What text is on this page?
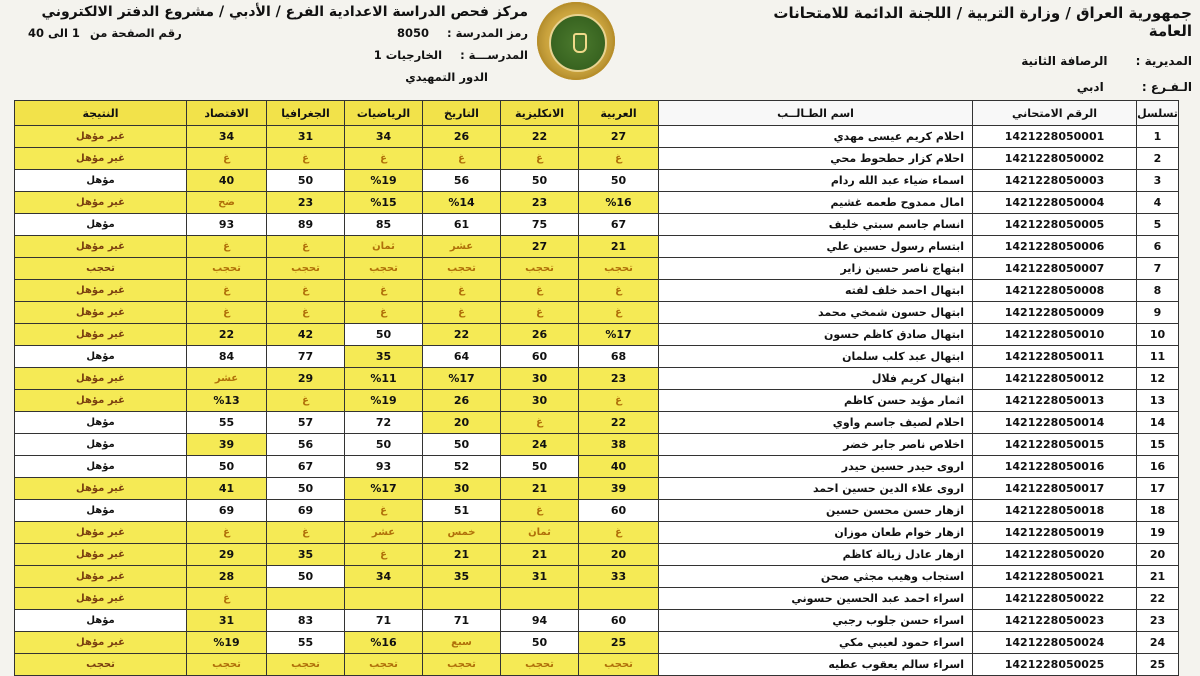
جمهورية العراق / وزارة التربية / اللجنة الدائمة للامتحانات العامة
المديرية : الرصافة الثانية
الـفـرع : ادبي
مركز فحص الدراسة الاعدادية الفرع / الأدبي / مشروع الدفتر الالكتروني
رمز المدرسة : 8050
رقم الصفحة من 1 الى 40
المدرســـة : الخارجيات 1
الدور التمهيدي
تسلسل	الرقم الامتحاني	اسم الطـالــب	العربية	الانكليزية	التاريخ	الرياضيات	الجغرافيا	الاقتصاد	النتيجة
1	1421228050001	احلام كريم عيسى مهدي	27	22	26	34	31	34	غير مؤهل
2	1421228050002	احلام كزار حطحوط محي	غ	غ	غ	غ	غ	غ	غير مؤهل
3	1421228050003	اسماء ضياء عبد الله ردام	50	50	56	%19	50	40	مؤهل
4	1421228050004	امال ممدوح طعمه غشيم	%16	23	%14	%15	23	ضح	غير مؤهل
5	1421228050005	انسام جاسم سبتي خليف	67	75	61	85	89	93	مؤهل
6	1421228050006	ابتسام رسول حسين علي	21	27	عشر	ثمان	غ	غ	غير مؤهل
7	1421228050007	ابتهاج ناصر حسين زاير	تحجب	تحجب	تحجب	تحجب	تحجب	تحجب	تحجب
8	1421228050008	ابتهال احمد خلف لفته	غ	غ	غ	غ	غ	غ	غير مؤهل
9	1421228050009	ابتهال حسون شمخي محمد	غ	غ	غ	غ	غ	غ	غير مؤهل
10	1421228050010	ابتهال صادق كاظم حسون	%17	26	22	50	42	22	غير مؤهل
11	1421228050011	ابتهال عبد كلب سلمان	68	60	64	35	77	84	مؤهل
12	1421228050012	ابتهال كريم فلال	23	30	%17	%11	29	عشر	غير مؤهل
13	1421228050013	اثمار مؤيد حسن كاظم	غ	30	26	%19	غ	%13	غير مؤهل
14	1421228050014	احلام لصيف جاسم واوي	22	غ	20	72	57	55	مؤهل
15	1421228050015	اخلاص ناصر جابر خضر	38	24	50	50	56	39	مؤهل
16	1421228050016	اروى حيدر حسين حيدر	40	50	52	93	67	50	مؤهل
17	1421228050017	اروى علاء الدين حسين احمد	39	21	30	%17	50	41	غير مؤهل
18	1421228050018	ازهار حسن محسن حسين	60	غ	51	غ	69	69	مؤهل
19	1421228050019	ازهار خوام طعان موزان	غ	ثمان	خمس	عشر	غ	غ	غير مؤهل
20	1421228050020	ازهار عادل زيالة كاظم	20	21	21	غ	35	29	غير مؤهل
21	1421228050021	استجاب وهيب مجثي صحن	33	31	35	34	50	28	غير مؤهل
22	1421228050022	اسراء احمد عبد الحسين حسوني						غ	غير مؤهل
23	1421228050023	اسراء حسن جلوب رجبي	60	94	71	71	83	31	مؤهل
24	1421228050024	اسراء حمود لعيبي مكي	25	50	سبع	%16	55	%19	غير مؤهل
25	1421228050025	اسراء سالم يعقوب عطيه	تحجب	تحجب	تحجب	تحجب	تحجب	تحجب	تحجب
